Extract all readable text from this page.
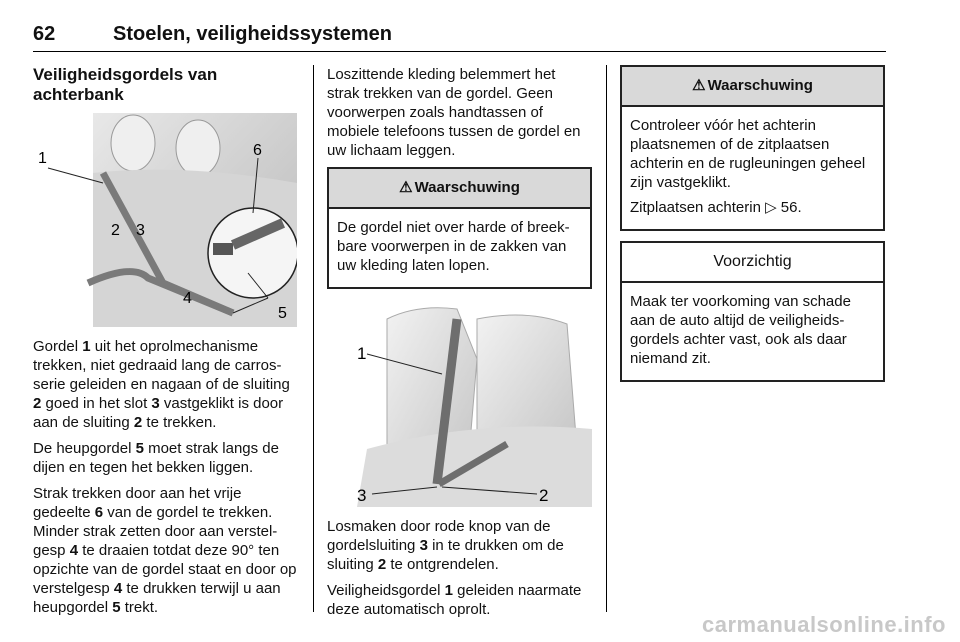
62	Stoelen, veiligheidssystemen
Veiligheidsgordels van
achterbank
1
2 3
4
5
6

Gordel 1 uit het oprolmechanisme trekken, niet gedraaid lang de carrosserie geleiden en nagaan of de sluiting 2 goed in het slot 3 vastgeklikt is door aan de sluiting 2 te trekken.

De heupgordel 5 moet strak langs de dijen en tegen het bekken liggen.

Strak trekken door aan het vrije gedeelte 6 van de gordel te trekken. Minder strak zetten door aan verstelgesp 4 te draaien totdat deze 90° ten opzichte van de gordel staat en door op verstelgesp 4 te drukken terwijl u aan heupgordel 5 trekt.

Loszittende kleding belemmert het strak trekken van de gordel. Geen voorwerpen zoals handtassen of mobiele telefoons tussen de gordel en uw lichaam leggen.

⚠ Waarschuwing

De gordel niet over harde of breekbare voorwerpen in de zakken van uw kleding laten lopen.

1
2
3

Losmaken door rode knop van de gordelsluiting 3 in te drukken om de sluiting 2 te ontgrendelen.

Veiligheidsgordel 1 geleiden naarmate deze automatisch oprolt.

⚠ Waarschuwing

Controleer vóór het achterin plaatsnemen of de zitplaatsen achterin en de rugleuningen geheel zijn vastgeklikt.

Zitplaatsen achterin ▷ 56.

Voorzichtig

Maak ter voorkoming van schade aan de auto altijd de veiligheidsgordels achter vast, ook als daar niemand zit.

carmanualsonline.info
